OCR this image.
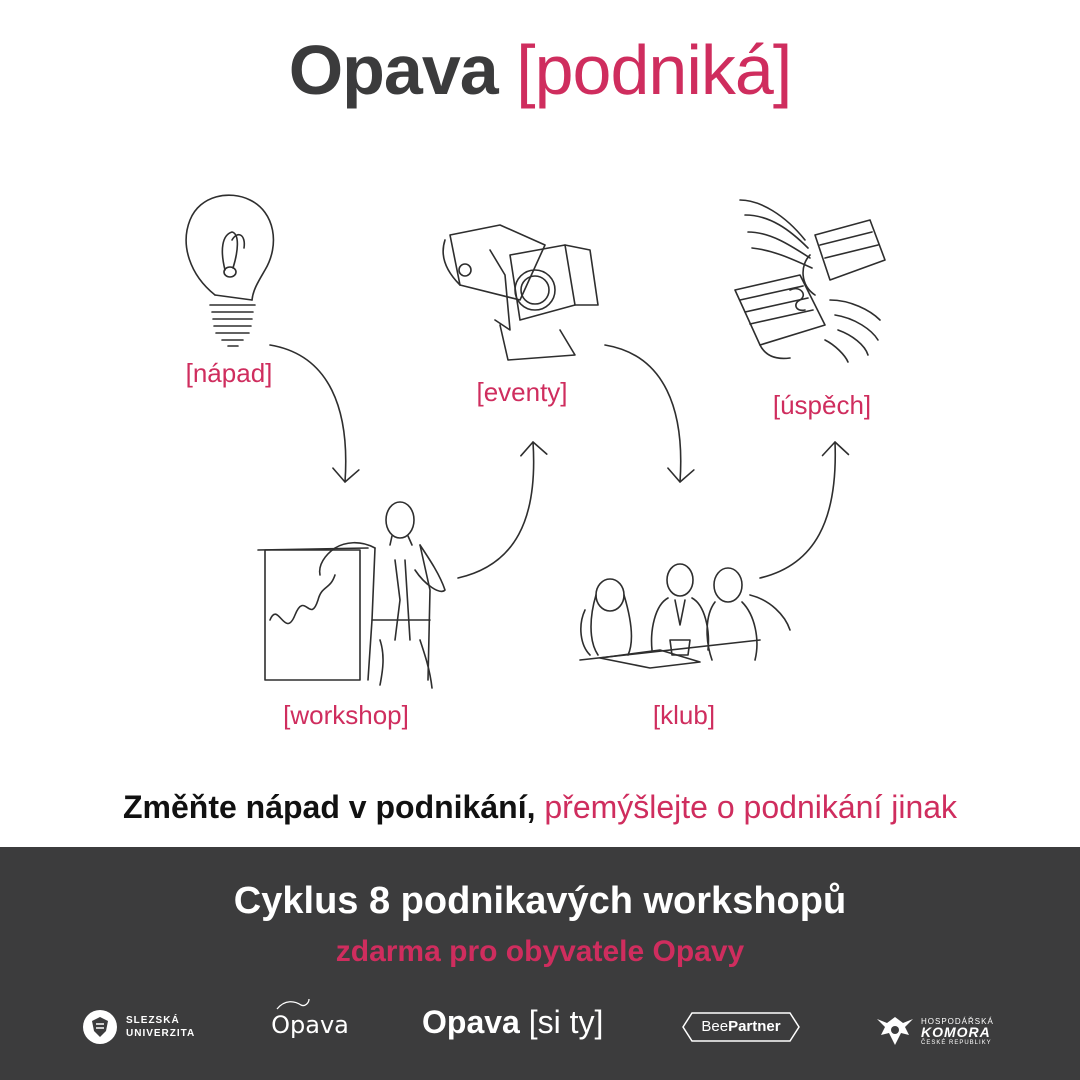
Opava [podniká]
[nápad]
[workshop]
[eventy]
[klub]
[úspěch]
Změňte nápad v podnikání, přemýšlejte o podnikání jinak
Cyklus 8 podnikavých workshopů
zdarma pro obyvatele Opavy
SLEZSKÁ
UNIVERZITA	Opava Opava [si ty]	BeePartner	HOSPODÁŘSKÁ
KOMORA
ČESKÉ REPUBLIKY
